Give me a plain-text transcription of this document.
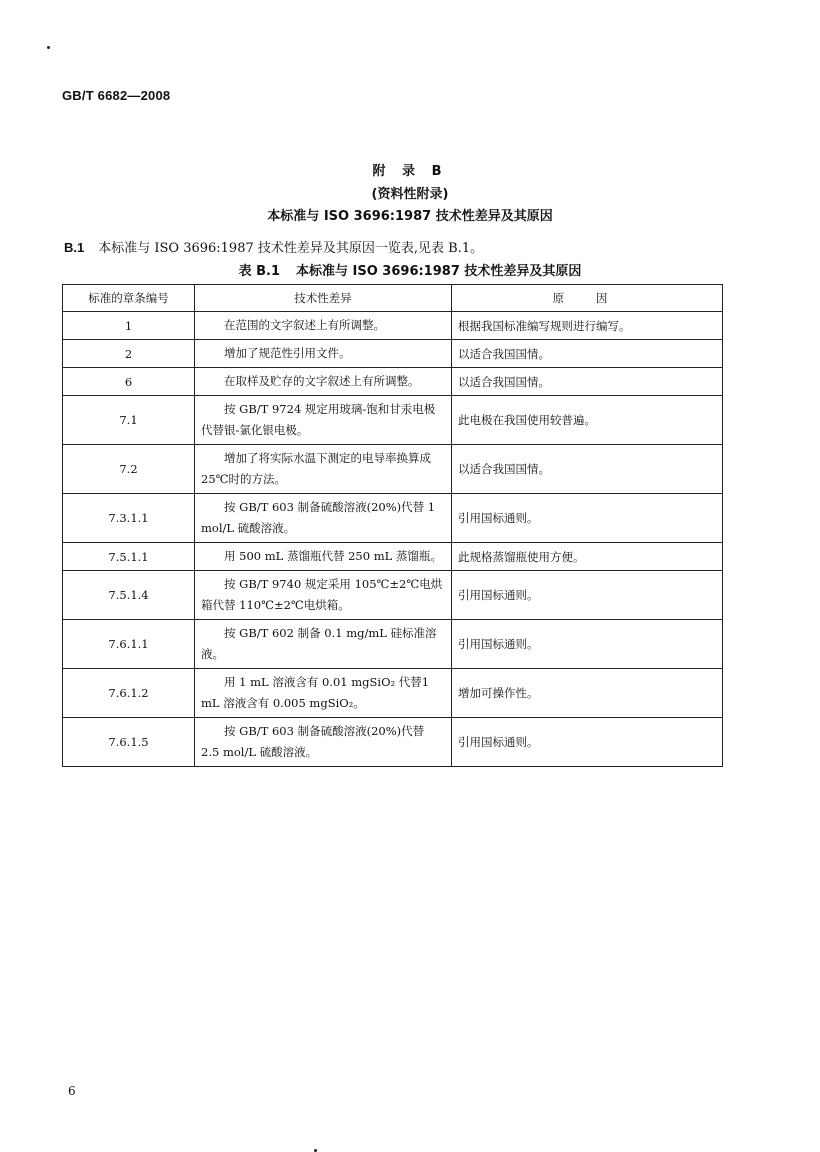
GB/T 6682—2008
附 录 B
(资料性附录)
本标准与 ISO 3696:1987 技术性差异及其原因
B.1 本标准与 ISO 3696:1987 技术性差异及其原因一览表,见表 B.1。
表 B.1 本标准与 ISO 3696:1987 技术性差异及其原因
标准的章条编号	技术性差异	原 因
1	在范围的文字叙述上有所调整。	根据我国标准编写规则进行编写。
2	增加了规范性引用文件。	以适合我国国情。
6	在取样及贮存的文字叙述上有所调整。	以适合我国国情。
7.1	按 GB/T 9724 规定用玻璃-饱和甘汞电极代替银-氯化银电极。	此电极在我国使用较普遍。
7.2	增加了将实际水温下测定的电导率换算成 25℃时的方法。	以适合我国国情。
7.3.1.1	按 GB/T 603 制备硫酸溶液(20%)代替 1 mol/L 硫酸溶液。	引用国标通则。
7.5.1.1	用 500 mL 蒸馏瓶代替 250 mL 蒸馏瓶。	此规格蒸馏瓶使用方便。
7.5.1.4	按 GB/T 9740 规定采用 105℃±2℃电烘箱代替 110℃±2℃电烘箱。	引用国标通则。
7.6.1.1	按 GB/T 602 制备 0.1 mg/mL 硅标准溶液。	引用国标通则。
7.6.1.2	用 1 mL 溶液含有 0.01 mgSiO₂ 代替1 mL 溶液含有 0.005 mgSiO₂。	增加可操作性。
7.6.1.5	按 GB/T 603 制备硫酸溶液(20%)代替 2.5 mol/L 硫酸溶液。	引用国标通则。
6
